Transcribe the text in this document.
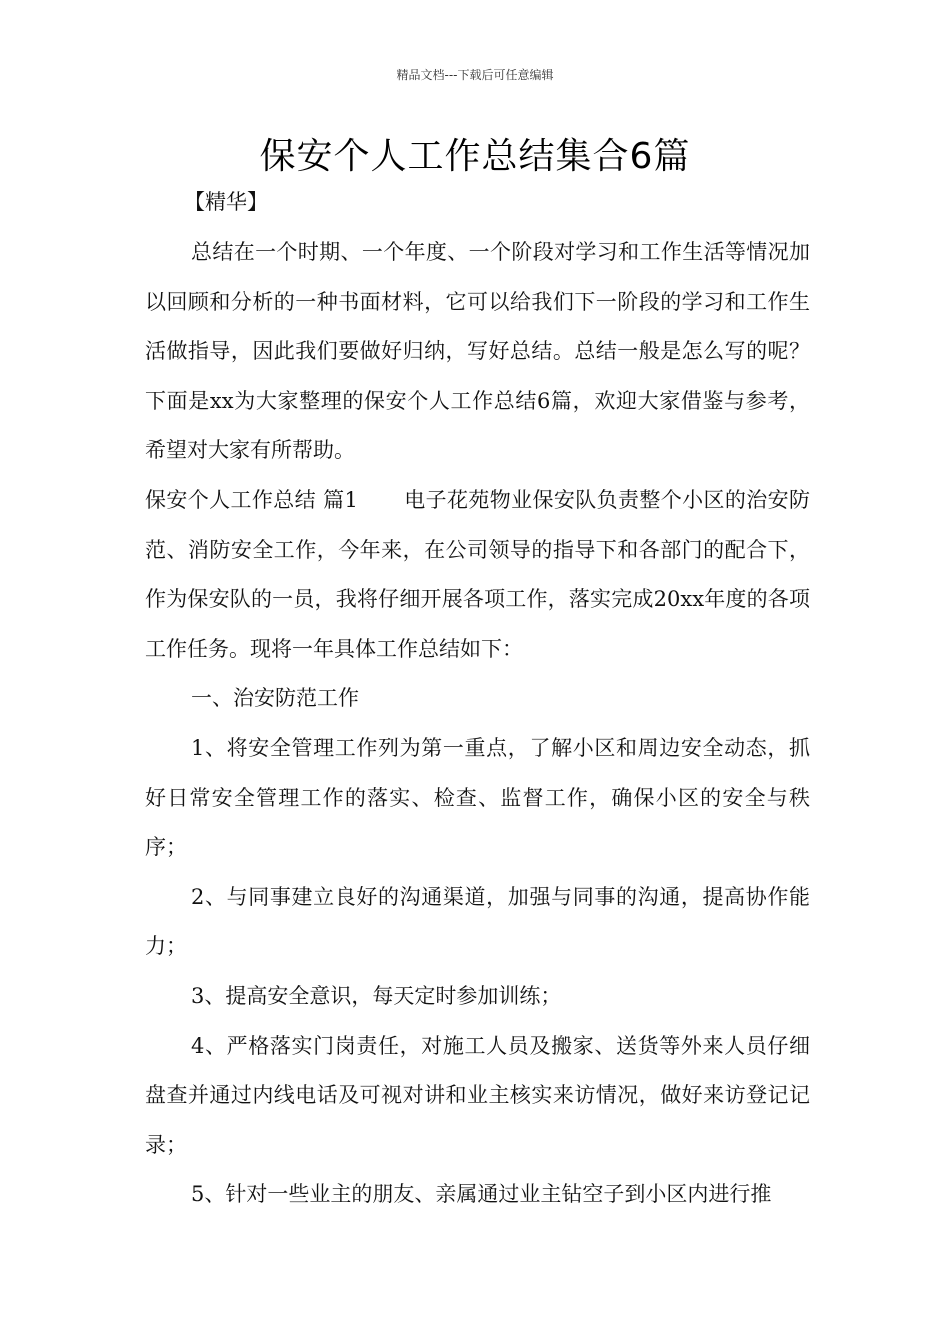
精品文档---下载后可任意编辑
保安个人工作总结集合6篇
【精华】

总结在一个时期、一个年度、一个阶段对学习和工作生活等情况加以回顾和分析的一种书面材料，它可以给我们下一阶段的学习和工作生活做指导，因此我们要做好归纳，写好总结。总结一般是怎么写的呢？下面是xx为大家整理的保安个人工作总结6篇，欢迎大家借鉴与参考，希望对大家有所帮助。

保安个人工作总结 篇1 电子花苑物业保安队负责整个小区的治安防范、消防安全工作，今年来，在公司领导的指导下和各部门的配合下，作为保安队的一员，我将仔细开展各项工作，落实完成20xx年度的各项工作任务。现将一年具体工作总结如下：

一、治安防范工作

1、将安全管理工作列为第一重点，了解小区和周边安全动态，抓好日常安全管理工作的落实、检查、监督工作，确保小区的安全与秩序；

2、与同事建立良好的沟通渠道，加强与同事的沟通，提高协作能力；

3、提高安全意识，每天定时参加训练；

4、严格落实门岗责任，对施工人员及搬家、送货等外来人员仔细盘查并通过内线电话及可视对讲和业主核实来访情况，做好来访登记记录；

5、针对一些业主的朋友、亲属通过业主钻空子到小区内进行推
